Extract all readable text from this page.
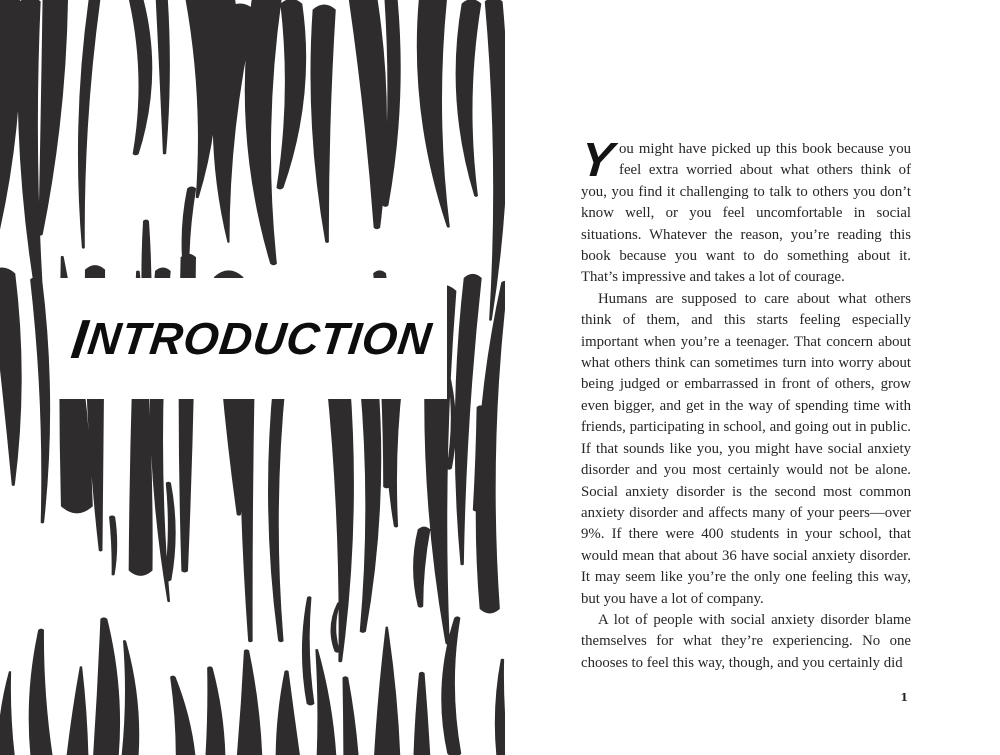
INTRODUCTION

You might have picked up this book because you feel extra worried about what others think of you, you find it challenging to talk to others you don’t know well, or you feel uncomfortable in social situations. Whatever the reason, you’re reading this book because you want to do something about it. That’s impressive and takes a lot of courage.

Humans are supposed to care about what others think of them, and this starts feeling especially important when you’re a teenager. That concern about what others think can sometimes turn into worry about being judged or embarrassed in front of others, grow even bigger, and get in the way of spending time with friends, participating in school, and going out in public. If that sounds like you, you might have social anxiety disorder and you most certainly would not be alone. Social anxiety disorder is the second most common anxiety disorder and affects many of your peers—over 9%. If there were 400 students in your school, that would mean that about 36 have social anxiety disorder. It may seem like you’re the only one feeling this way, but you have a lot of company.

A lot of people with social anxiety disorder blame themselves for what they’re experiencing. No one chooses to feel this way, though, and you certainly did

1
